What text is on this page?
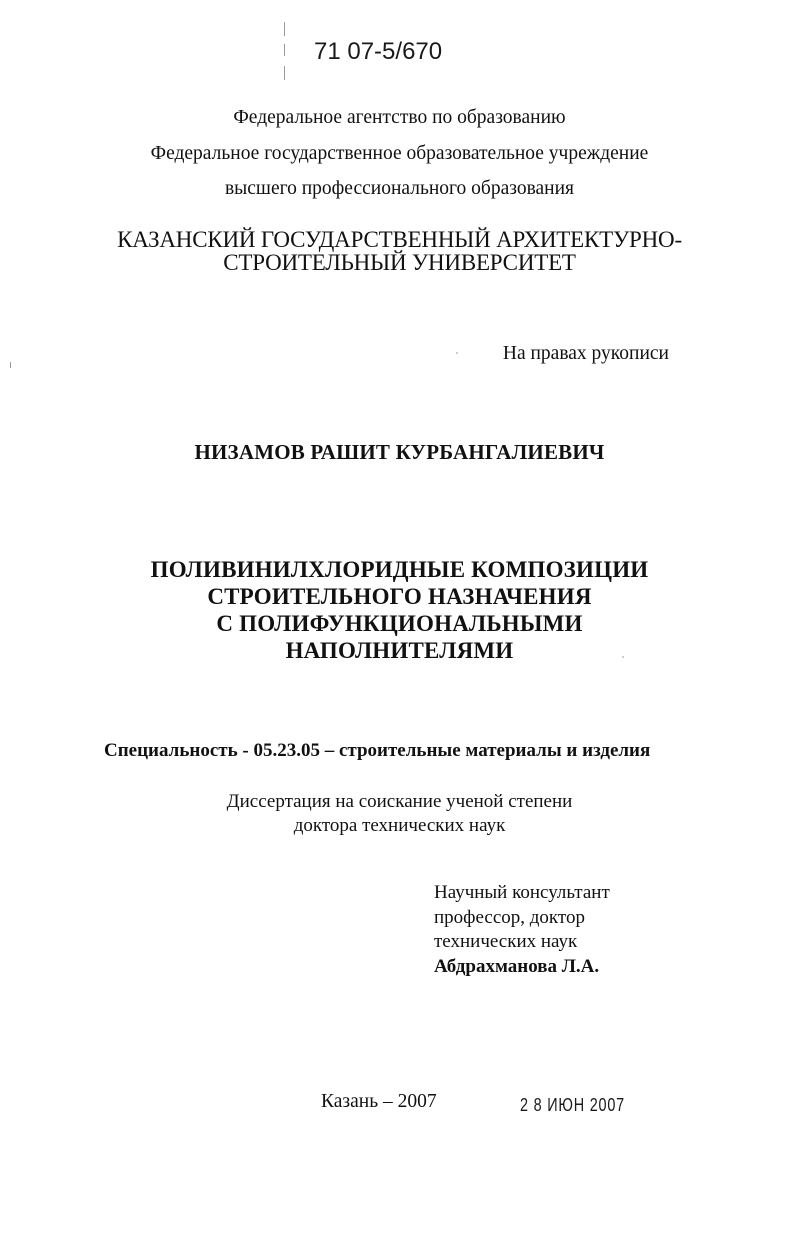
71 07-5/670
Федеральное агентство по образованию
Федеральное государственное образовательное учреждение
высшего профессионального образования
КАЗАНСКИЙ ГОСУДАРСТВЕННЫЙ АРХИТЕКТУРНО-
СТРОИТЕЛЬНЫЙ УНИВЕРСИТЕТ
На правах рукописи
НИЗАМОВ РАШИТ КУРБАНГАЛИЕВИЧ
ПОЛИВИНИЛХЛОРИДНЫЕ КОМПОЗИЦИИ
СТРОИТЕЛЬНОГО НАЗНАЧЕНИЯ
С ПОЛИФУНКЦИОНАЛЬНЫМИ
НАПОЛНИТЕЛЯМИ
Специальность - 05.23.05 – строительные материалы и изделия
Диссертация на соискание ученой степени
доктора технических наук
Научный консультант
профессор, доктор
технических наук
Абдрахманова Л.А.
Казань – 2007	2 8 ИЮН 2007
